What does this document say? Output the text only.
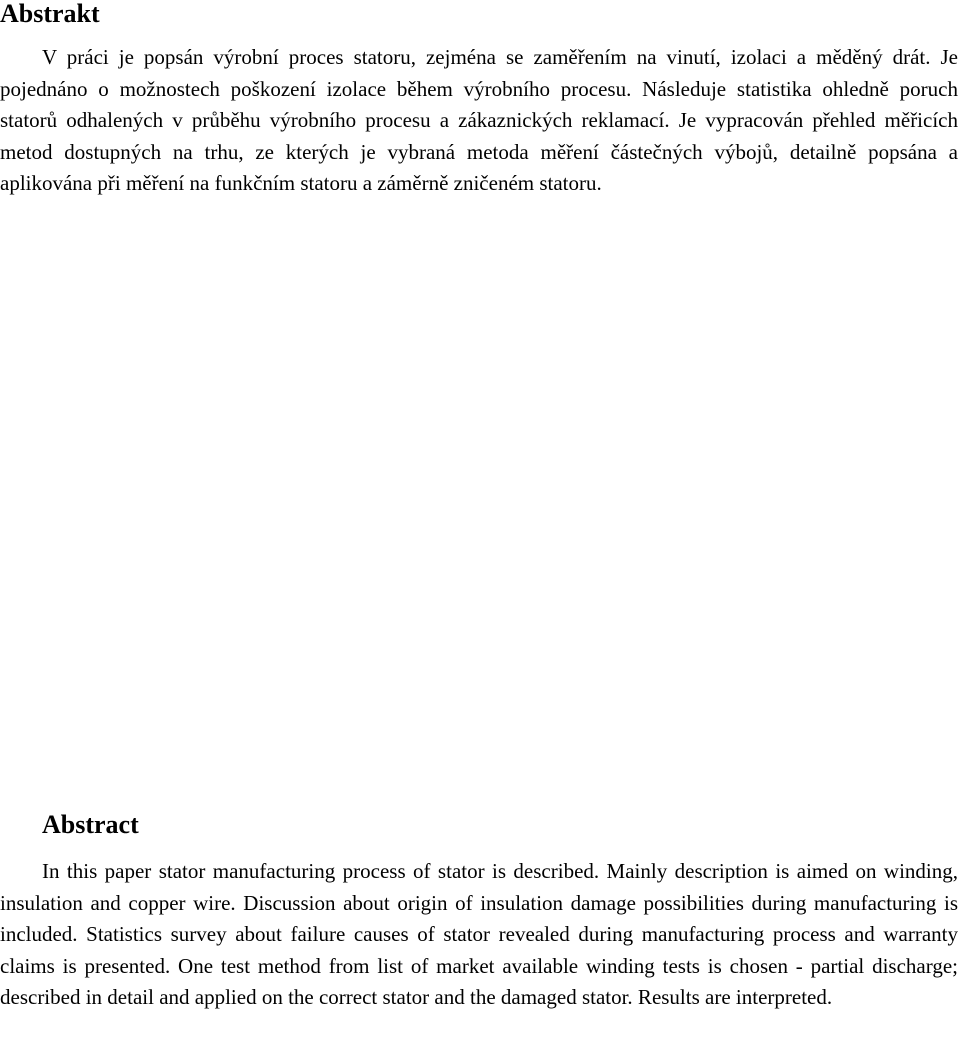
Abstrakt

V práci je popsán výrobní proces statoru, zejména se zaměřením na vinutí, izolaci a měděný drát. Je pojednáno o možnostech poškození izolace během výrobního procesu. Následuje statistika ohledně poruch statorů odhalených v průběhu výrobního procesu a zákaznických reklamací. Je vypracován přehled měřicích metod dostupných na trhu, ze kterých je vybraná metoda měření částečných výbojů, detailně popsána a aplikována při měření na funkčním statoru a záměrně zničeném statoru.

Abstract

In this paper stator manufacturing process of stator is described. Mainly description is aimed on winding, insulation and copper wire. Discussion about origin of insulation damage possibilities during manufacturing is included. Statistics survey about failure causes of stator revealed during manufacturing process and warranty claims is presented. One test method from list of market available winding tests is chosen - partial discharge; described in detail and applied on the correct stator and the damaged stator. Results are interpreted.
